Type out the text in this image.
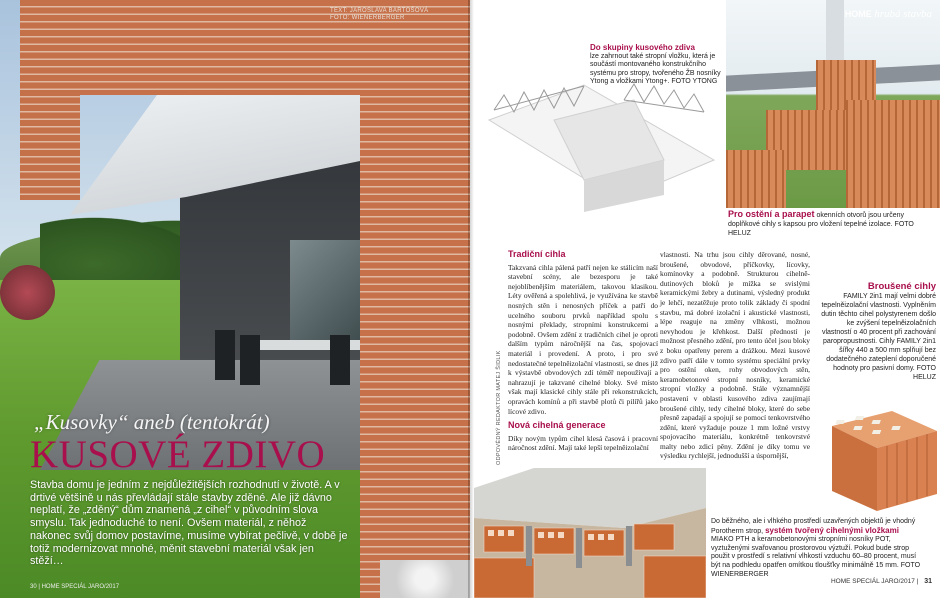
TEXT: JAROSLAVA BARTOŠOVÁ
FOTO: WIENERBERGER
„Kusovky“ aneb (tentokrát)
KUSOVÉ ZDIVO
Stavba domu je jedním z nejdůležitějších rozhodnutí v životě. A v drtivé většině u nás převládají stále stavby zděné. Ale již dávno neplatí, že „zděný“ dům znamená „z cihel“ v původním slova smyslu. Tak jednoduché to není. Ovšem materiál, z něhož nakonec svůj domov postavíme, musíme vybírat pečlivě, v době je totiž modernizovat mnohé, měnit stavební materiál však jen stěží…
30 | HOME SPECIÁL JARO/2017
HOME hrubá stavba
Do skupiny kusového zdiva
lze zahrnout také stropní vložku, která je součástí montovaného konstrukčního systému pro stropy, tvořeného ŽB nosníky Ytong a vložkami Ytong+. FOTO YTONG
Pro ostění a parapet okenních otvorů jsou určeny doplňkové cihly s kapsou pro vložení tepelné izolace. FOTO HELUZ
ODPOVĚDNÝ REDAKTOR MATEJ ŠIDLIK
Tradiční cihla

Takzvaná cihla pálená patří nejen ke stálicím naší stavební scény, ale bezesporu je také nejoblíbenějším materiálem, takovou klasikou. Léty ověřená a spolehlivá, je využívána ke stavbě nosných stěn i nenosných příček a patří do ucelného souboru prvků například spolu s nosnými překlady, stropními konstrukcemi a podobně. Ovšem zdění z tradičních cihel je oproti dalším typům náročnější na čas, spojovací materiál i provedení. A proto, i pro své nedostatečné tepelněizolační vlastnosti, se dnes již k výstavbě obvodových zdí téměř nepoužívají a nahrazují je takzvané cihelné bloky. Své místo však mají klasické cihly stále při rekonstrukcích, opravách komínů a při stavbě plotů či pilířů jako lícové zdivo.

Nová cihelná generace

Díky novým typům cihel klesá časová i pracovní náročnost zdění. Mají také lepší tepelněizolační

vlastnosti. Na trhu jsou cihly děrované, nosné, broušené, obvodové, příčkovky, lícovky, komínovky a podobně. Strukturou cihelně-dutinových bloků je mížka se svislými keramickými žebry a dutinami, výsledný produkt je lehčí, nezatěžuje proto tolik základy či spodní stavbu, má dobré izolační i akustické vlastnosti, lépe reaguje na změny vlhkosti, možnou nevyhodou je křehkost. Další předností je možnost přesného zdění, pro tento účel jsou bloky z boku opatřeny perem a drážkou. Mezi kusové zdivo patří dále v tomto systému speciální prvky pro ostění oken, rohy obvodových stěn, keramobetonové stropní nosníky, keramické stropní vložky a podobně. Stále významnější postavení v oblasti kusového zdiva zaujímají broušené cihly, tedy cihelné bloky, které do sebe přesně zapadají a spojují se pomocí tenkovrstvého zdění, které vyžaduje pouze 1 mm ložné vrstvy spojovacího materiálu, konkrétně tenkovrstvé malty nebo zdicí pěny. Zdění je díky tomu ve výsledku rychlejší, jednodušší a úspornější,

Broušené cihly
FAMILY 2in1 mají velmi dobré tepelněizolační vlastnosti. Vyplněním dutin těchto cihel polystyrenem došlo ke zvýšení tepelněizolačních vlastností o 40 procent při zachování paropropustnosti. Cihly FAMILY 2in1 šířky 440 a 500 mm splňují bez dodatečného zateplení doporučené hodnoty pro pasivní domy. FOTO HELUZ
Do běžného, ale i vlhkého prostředí uzavřených objektů je vhodný Porotherm strop, systém tvořený cihelnými vložkami MIAKO PTH a keramobetonovými stropními nosníky POT, vyztuženými svařovanou prostorovou výztuží. Pokud bude strop použit v prostředí s relativní vlhkostí vzduchu 60–80 procent, musí být na podhledu opatřen omítkou tloušťky minimálně 15 mm. FOTO WIENERBERGER
HOME SPECIÁL JARO/2017 | 31
